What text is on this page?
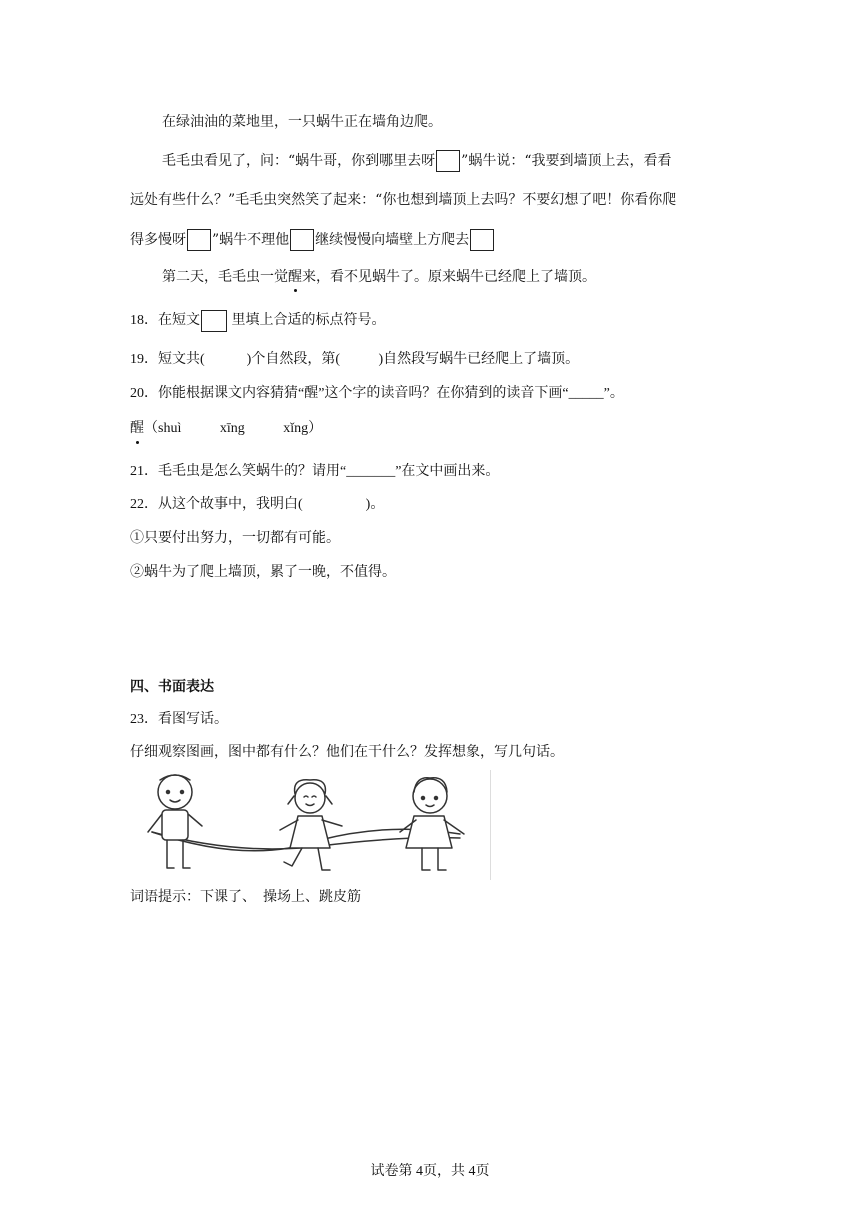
在绿油油的菜地里，一只蜗牛正在墙角边爬。
毛毛虫看见了，问：“蜗牛哥，你到哪里去呀 ”蜗牛说：“我要到墙顶上去，看看
远处有些什么？”毛毛虫突然笑了起来：“你也想到墙顶上去吗？不要幻想了吧！你看你爬
得多慢呀 ”蜗牛不理他 继续慢慢向墙壁上方爬去
第二天，毛毛虫一觉醒来，看不见蜗牛了。原来蜗牛已经爬上了墙顶。
18．在短文 里填上合适的标点符号。
19．短文共(            )个自然段，第(           )自然段写蜗牛已经爬上了墙顶。
20．你能根据课文内容猜猜“醒”这个字的读音吗？在你猜到的读音下画“_____”。
醒（shuì           xīng           xǐng）
21．毛毛虫是怎么笑蜗牛的？请用“_______”在文中画出来。
22．从这个故事中，我明白(                  )。
①只要付出努力，一切都有可能。
②蜗牛为了爬上墙顶，累了一晚，不值得。
四、书面表达
23．看图写话。
仔细观察图画，图中都有什么？他们在干什么？发挥想象，写几句话。
词语提示：下课了、  操场上、跳皮筋
试卷第 4页，共 4页
